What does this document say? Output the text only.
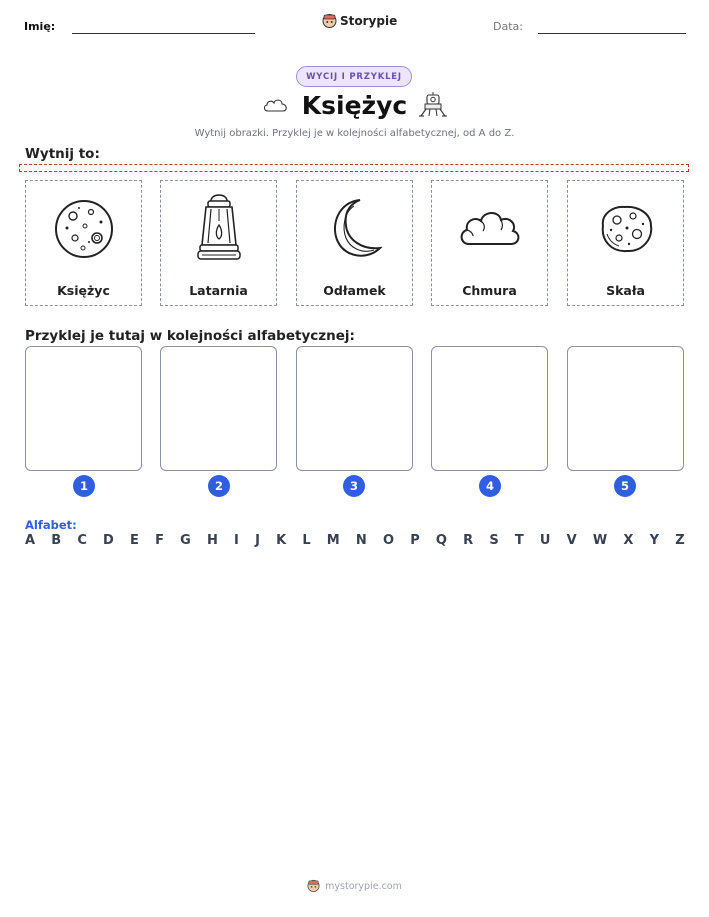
Imię:	Storypie	Data:
WYCIJ I PRZYKLEJ
Księżyc
Wytnij obrazki. Przyklej je w kolejności alfabetycznej, od A do Z.
Wytnij to:
Księżyc	Latarnia	Odłamek	Chmura	Skała
Przyklej je tutaj w kolejności alfabetycznej:
1	2	3	4	5
Alfabet:
A B C D E F G H I J K L M N O P Q R S T U V W X Y Z
mystorypie.com
